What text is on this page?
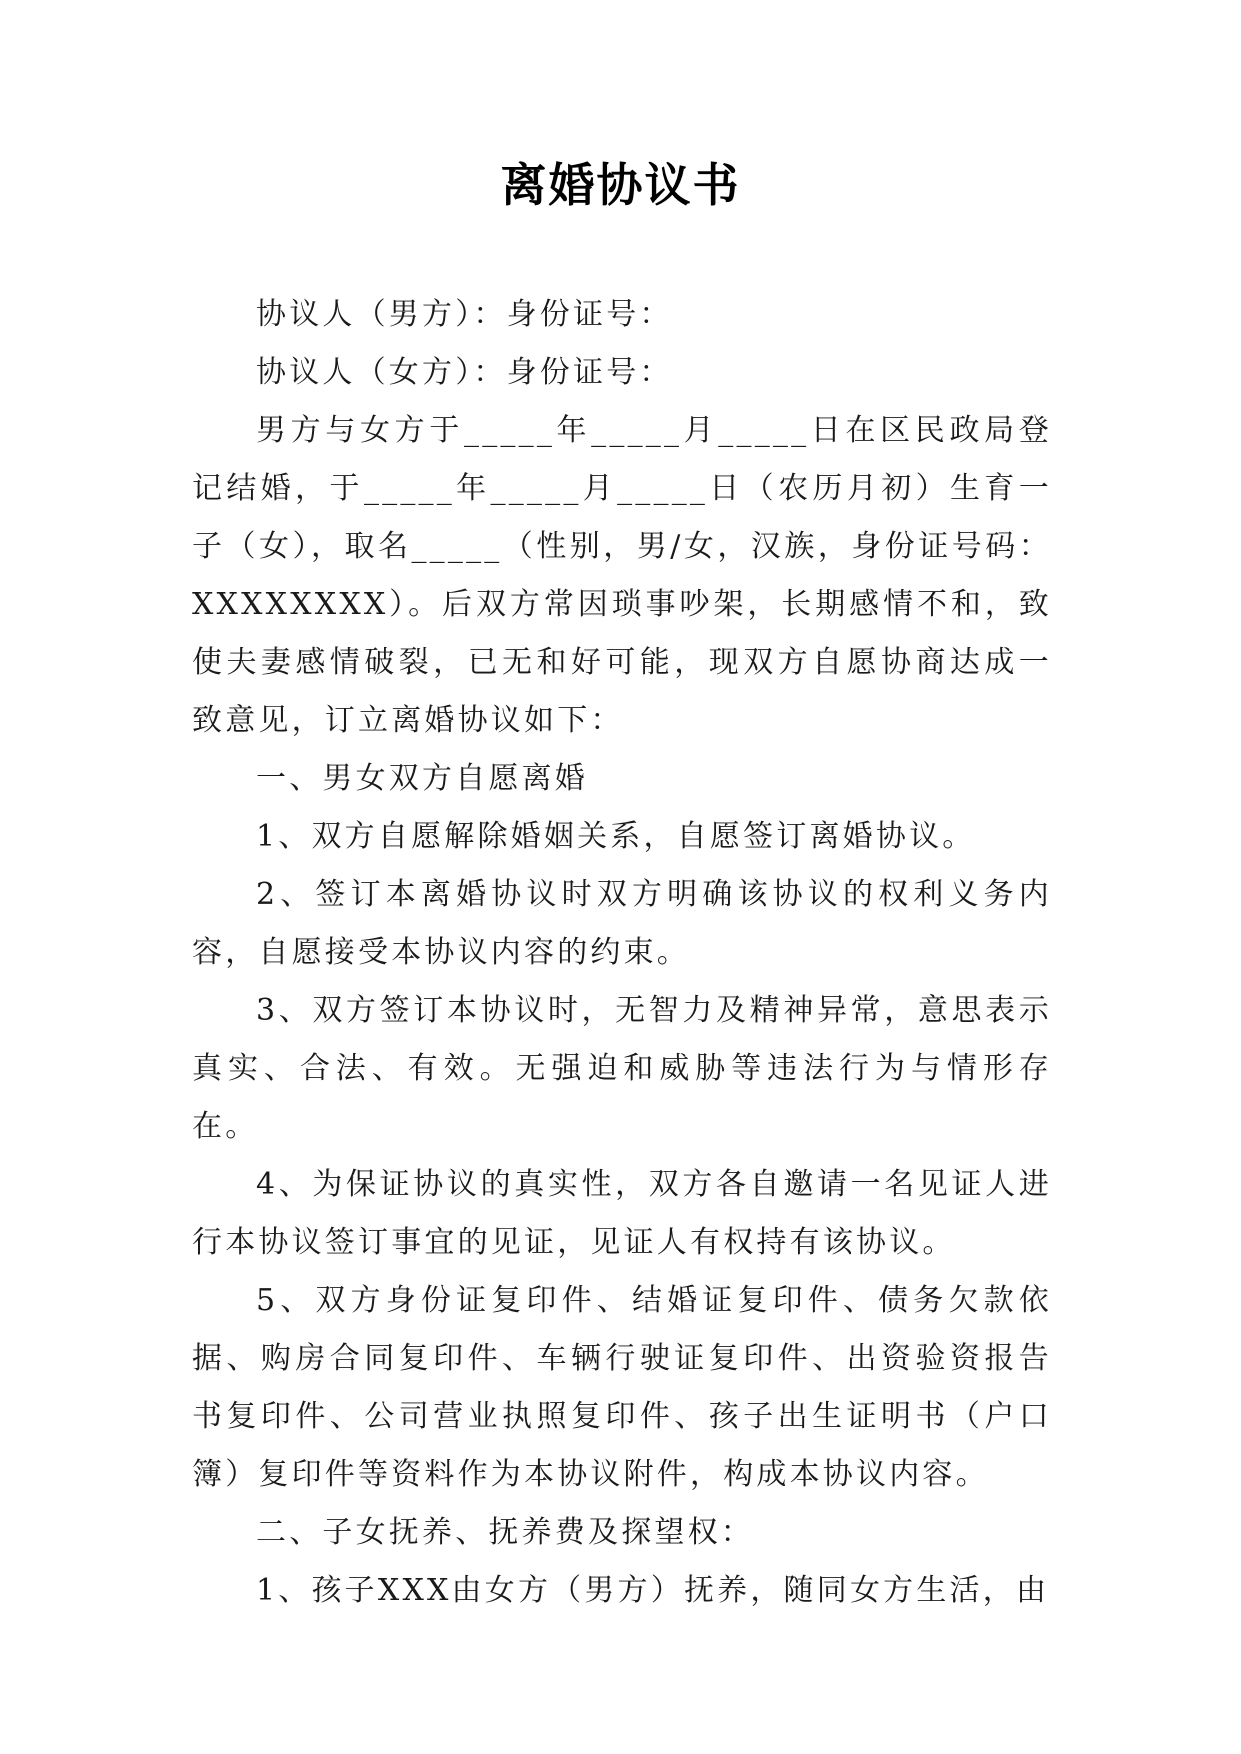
离婚协议书

协议人（男方）：身份证号：

协议人（女方）：身份证号：

男方与女方于_____年_____月_____日在区民政局登记结婚，于_____年_____月_____日（农历月初）生育一子（女），取名_____（性别，男/女，汉族，身份证号码：XXXXXXXX）。后双方常因琐事吵架，长期感情不和，致使夫妻感情破裂，已无和好可能，现双方自愿协商达成一致意见，订立离婚协议如下：

一、男女双方自愿离婚

1、双方自愿解除婚姻关系，自愿签订离婚协议。

2、签订本离婚协议时双方明确该协议的权利义务内容，自愿接受本协议内容的约束。

3、双方签订本协议时，无智力及精神异常，意思表示真实、合法、有效。无强迫和威胁等违法行为与情形存在。

4、为保证协议的真实性，双方各自邀请一名见证人进行本协议签订事宜的见证，见证人有权持有该协议。

5、双方身份证复印件、结婚证复印件、债务欠款依据、购房合同复印件、车辆行驶证复印件、出资验资报告书复印件、公司营业执照复印件、孩子出生证明书（户口簿）复印件等资料作为本协议附件，构成本协议内容。

二、子女抚养、抚养费及探望权：

1、孩子XXX由女方（男方）抚养，随同女方生活，由
